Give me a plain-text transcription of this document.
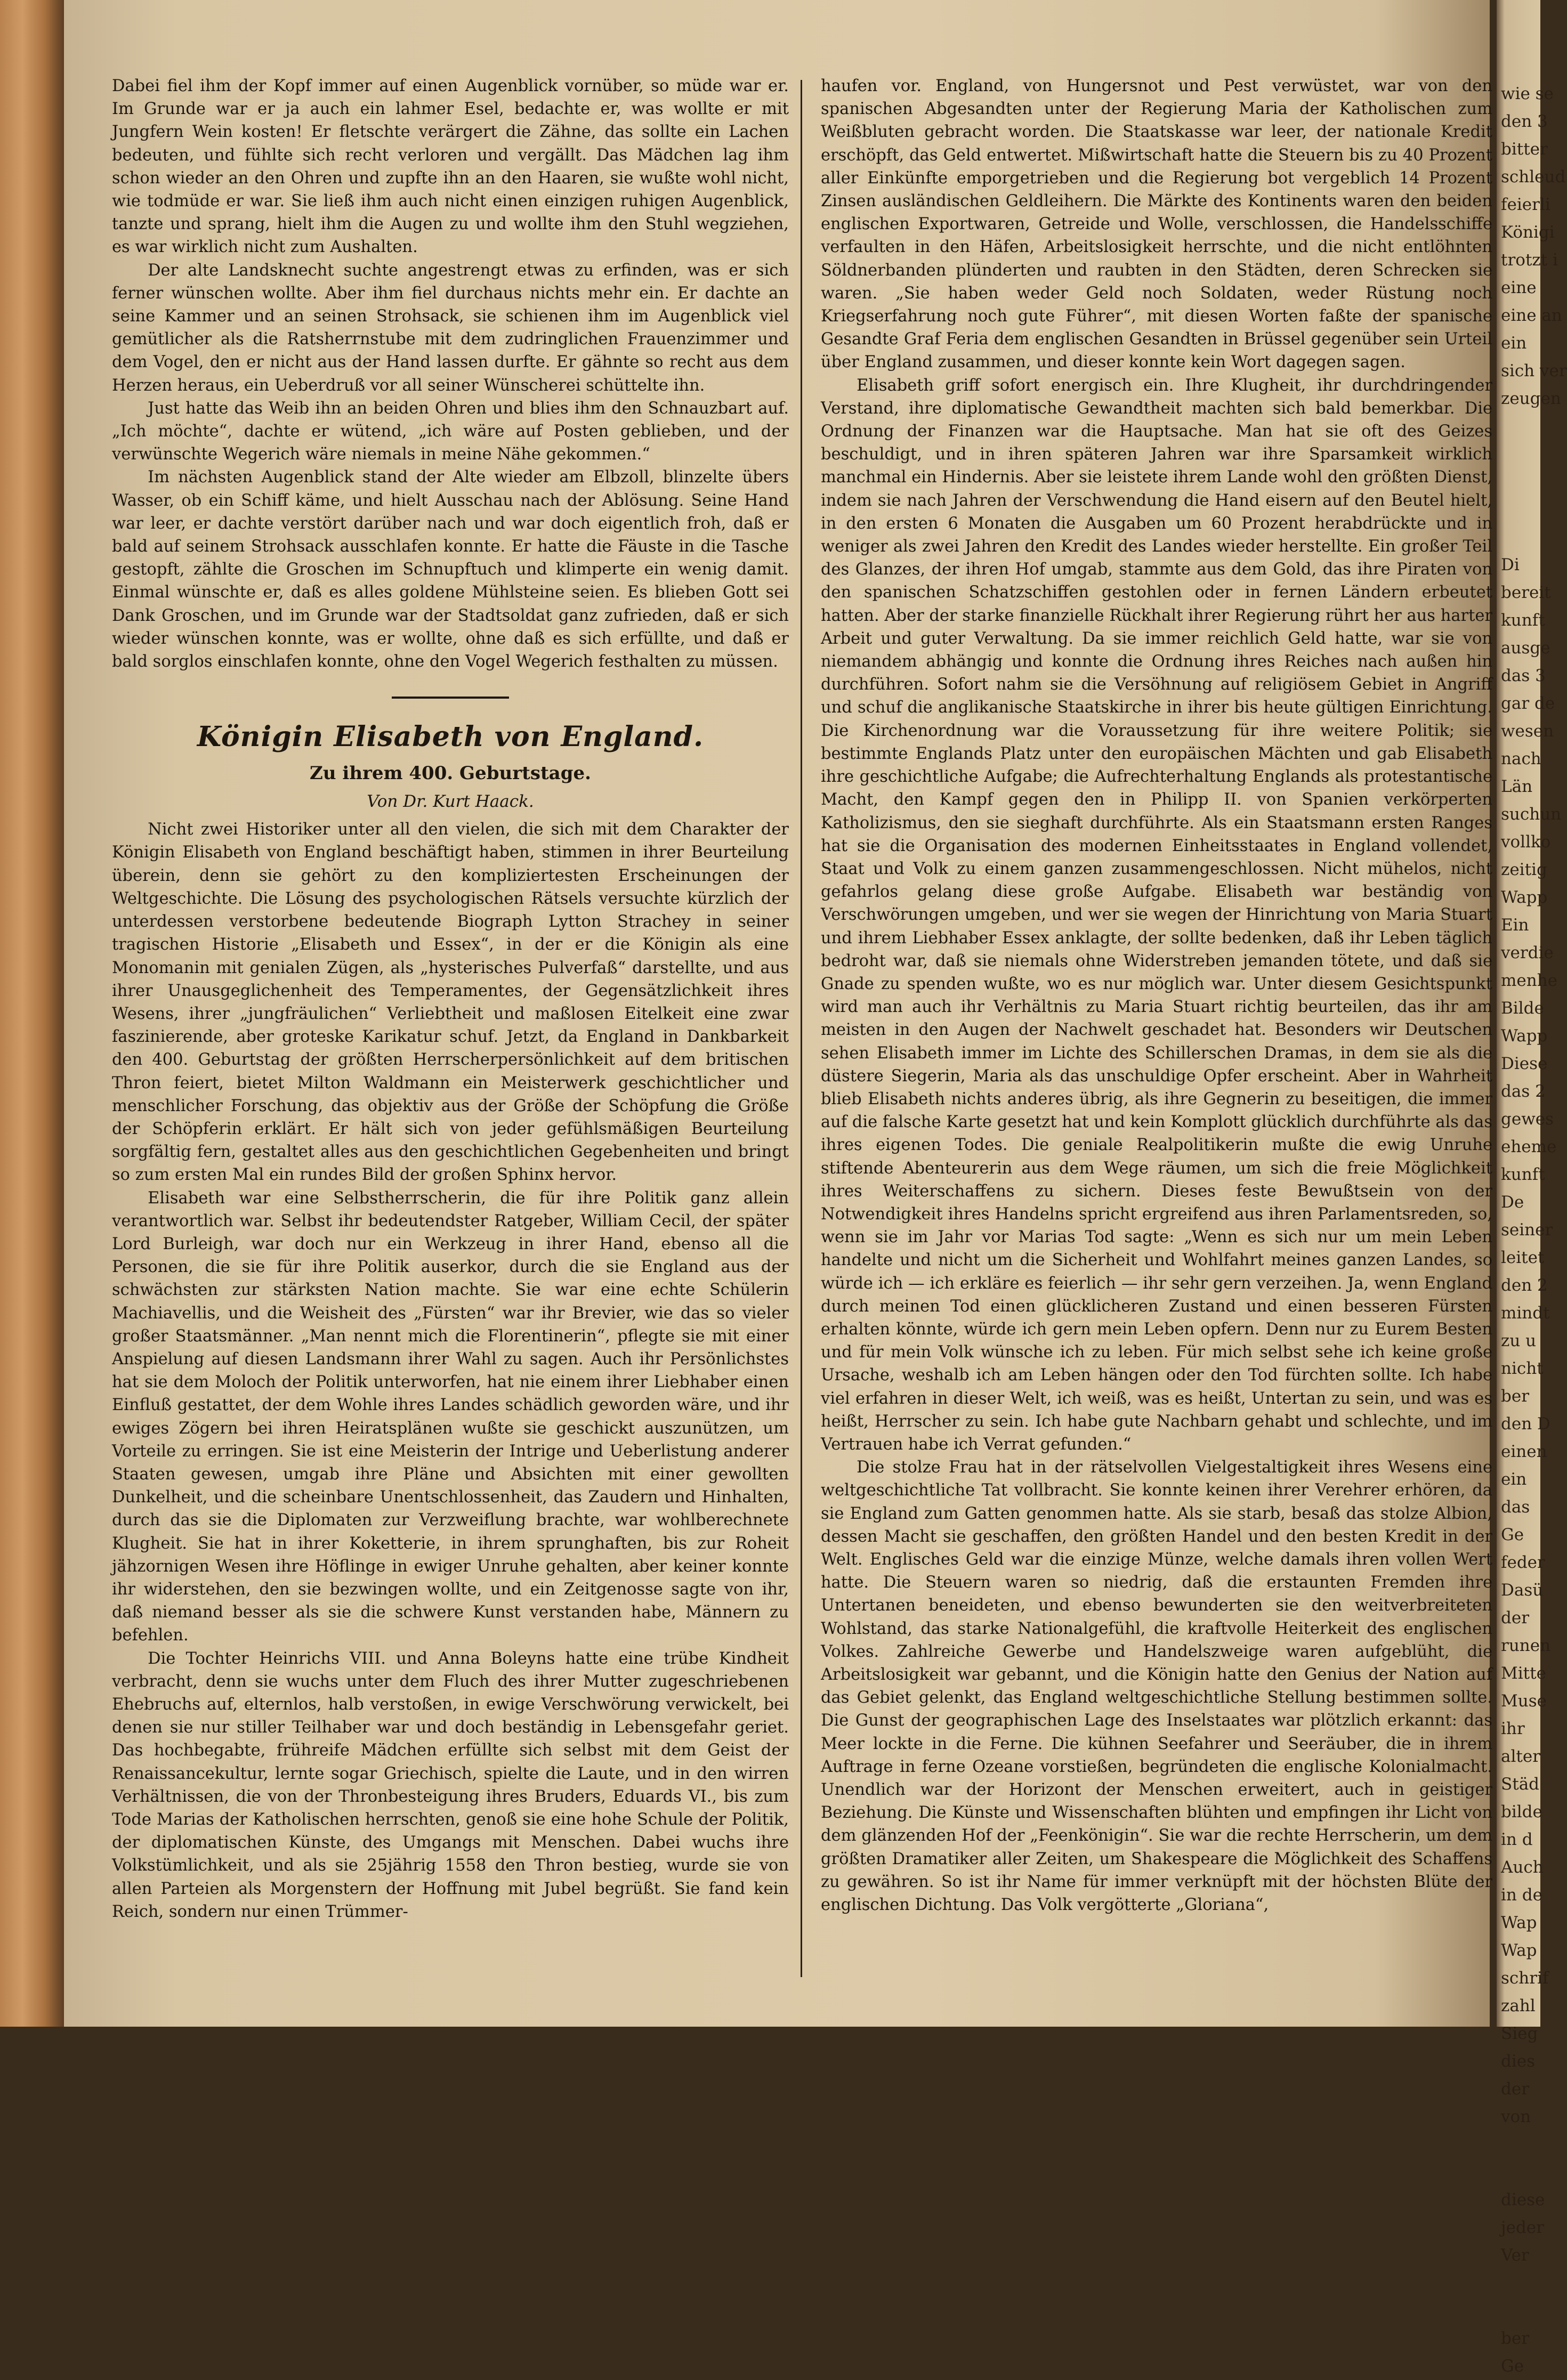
Dabei fiel ihm der Kopf immer auf einen Augenblick vornüber, so müde war er. Im Grunde war er ja auch ein lahmer Esel, bedachte er, was wollte er mit Jungfern Wein kosten! Er fletschte verärgert die Zähne, das sollte ein Lachen bedeuten, und fühlte sich recht verloren und vergällt. Das Mädchen lag ihm schon wieder an den Ohren und zupfte ihn an den Haaren, sie wußte wohl nicht, wie todmüde er war. Sie ließ ihm auch nicht einen einzigen ruhigen Augenblick, tanzte und sprang, hielt ihm die Augen zu und wollte ihm den Stuhl wegziehen, es war wirklich nicht zum Aushalten.

Der alte Landsknecht suchte angestrengt etwas zu erfinden, was er sich ferner wünschen wollte. Aber ihm fiel durchaus nichts mehr ein. Er dachte an seine Kammer und an seinen Strohsack, sie schienen ihm im Augenblick viel gemütlicher als die Ratsherrnstube mit dem zudringlichen Frauenzimmer und dem Vogel, den er nicht aus der Hand lassen durfte. Er gähnte so recht aus dem Herzen heraus, ein Ueberdruß vor all seiner Wünscherei schüttelte ihn.

Just hatte das Weib ihn an beiden Ohren und blies ihm den Schnauzbart auf. „Ich möchte“, dachte er wütend, „ich wäre auf Posten geblieben, und der verwünschte Wegerich wäre niemals in meine Nähe gekommen.“

Im nächsten Augenblick stand der Alte wieder am Elbzoll, blinzelte übers Wasser, ob ein Schiff käme, und hielt Ausschau nach der Ablösung. Seine Hand war leer, er dachte verstört darüber nach und war doch eigentlich froh, daß er bald auf seinem Strohsack ausschlafen konnte. Er hatte die Fäuste in die Tasche gestopft, zählte die Groschen im Schnupftuch und klimperte ein wenig damit. Einmal wünschte er, daß es alles goldene Mühlsteine seien. Es blieben Gott sei Dank Groschen, und im Grunde war der Stadtsoldat ganz zufrieden, daß er sich wieder wünschen konnte, was er wollte, ohne daß es sich erfüllte, und daß er bald sorglos einschlafen konnte, ohne den Vogel Wegerich festhalten zu müssen.

Königin Elisabeth von England.
Zu ihrem 400. Geburtstage.
Von Dr. Kurt Haack.

Nicht zwei Historiker unter all den vielen, die sich mit dem Charakter der Königin Elisabeth von England beschäftigt haben, stimmen in ihrer Beurteilung überein, denn sie gehört zu den kompliziertesten Erscheinungen der Weltgeschichte. Die Lösung des psychologischen Rätsels versuchte kürzlich der unterdessen verstorbene bedeutende Biograph Lytton Strachey in seiner tragischen Historie „Elisabeth und Essex“, in der er die Königin als eine Monomanin mit genialen Zügen, als „hysterisches Pulverfaß“ darstellte, und aus ihrer Unausgeglichenheit des Temperamentes, der Gegensätzlichkeit ihres Wesens, ihrer „jungfräulichen“ Verliebtheit und maßlosen Eitelkeit eine zwar faszinierende, aber groteske Karikatur schuf. Jetzt, da England in Dankbarkeit den 400. Geburtstag der größten Herrscherpersönlichkeit auf dem britischen Thron feiert, bietet Milton Waldmann ein Meisterwerk geschichtlicher und menschlicher Forschung, das objektiv aus der Größe der Schöpfung die Größe der Schöpferin erklärt. Er hält sich von jeder gefühlsmäßigen Beurteilung sorgfältig fern, gestaltet alles aus den geschichtlichen Gegebenheiten und bringt so zum ersten Mal ein rundes Bild der großen Sphinx hervor.

Elisabeth war eine Selbstherrscherin, die für ihre Politik ganz allein verantwortlich war. Selbst ihr bedeutendster Ratgeber, William Cecil, der später Lord Burleigh, war doch nur ein Werkzeug in ihrer Hand, ebenso all die Personen, die sie für ihre Politik auserkor, durch die sie England aus der schwächsten zur stärksten Nation machte. Sie war eine echte Schülerin Machiavellis, und die Weisheit des „Fürsten“ war ihr Brevier, wie das so vieler großer Staatsmänner. „Man nennt mich die Florentinerin“, pflegte sie mit einer Anspielung auf diesen Landsmann ihrer Wahl zu sagen. Auch ihr Persönlichstes hat sie dem Moloch der Politik unterworfen, hat nie einem ihrer Liebhaber einen Einfluß gestattet, der dem Wohle ihres Landes schädlich geworden wäre, und ihr ewiges Zögern bei ihren Heiratsplänen wußte sie geschickt auszunützen, um Vorteile zu erringen. Sie ist eine Meisterin der Intrige und Ueberlistung anderer Staaten gewesen, umgab ihre Pläne und Absichten mit einer gewollten Dunkelheit, und die scheinbare Unentschlossenheit, das Zaudern und Hinhalten, durch das sie die Diplomaten zur Verzweiflung brachte, war wohlberechnete Klugheit. Sie hat in ihrer Koketterie, in ihrem sprunghaften, bis zur Roheit jähzornigen Wesen ihre Höflinge in ewiger Unruhe gehalten, aber keiner konnte ihr widerstehen, den sie bezwingen wollte, und ein Zeitgenosse sagte von ihr, daß niemand besser als sie die schwere Kunst verstanden habe, Männern zu befehlen.

Die Tochter Heinrichs VIII. und Anna Boleyns hatte eine trübe Kindheit verbracht, denn sie wuchs unter dem Fluch des ihrer Mutter zugeschriebenen Ehebruchs auf, elternlos, halb verstoßen, in ewige Verschwörung verwickelt, bei denen sie nur stiller Teilhaber war und doch beständig in Lebensgefahr geriet. Das hochbegabte, frühreife Mädchen erfüllte sich selbst mit dem Geist der Renaissancekultur, lernte sogar Griechisch, spielte die Laute, und in den wirren Verhältnissen, die von der Thronbesteigung ihres Bruders, Eduards VI., bis zum Tode Marias der Katholischen herrschten, genoß sie eine hohe Schule der Politik, der diplomatischen Künste, des Umgangs mit Menschen. Dabei wuchs ihre Volkstümlichkeit, und als sie 25jährig 1558 den Thron bestieg, wurde sie von allen Parteien als Morgenstern der Hoffnung mit Jubel begrüßt. Sie fand kein Reich, sondern nur einen Trümmer-

haufen vor. England, von Hungersnot und Pest verwüstet, war von den spanischen Abgesandten unter der Regierung Maria der Katholischen zum Weißbluten gebracht worden. Die Staatskasse war leer, der nationale Kredit erschöpft, das Geld entwertet. Mißwirtschaft hatte die Steuern bis zu 40 Prozent aller Einkünfte emporgetrieben und die Regierung bot vergeblich 14 Prozent Zinsen ausländischen Geldleihern. Die Märkte des Kontinents waren den beiden englischen Exportwaren, Getreide und Wolle, verschlossen, die Handelsschiffe verfaulten in den Häfen, Arbeitslosigkeit herrschte, und die nicht entlöhnten Söldnerbanden plünderten und raubten in den Städten, deren Schrecken sie waren. „Sie haben weder Geld noch Soldaten, weder Rüstung noch Kriegserfahrung noch gute Führer“, mit diesen Worten faßte der spanische Gesandte Graf Feria dem englischen Gesandten in Brüssel gegenüber sein Urteil über England zusammen, und dieser konnte kein Wort dagegen sagen.

Elisabeth griff sofort energisch ein. Ihre Klugheit, ihr durchdringender Verstand, ihre diplomatische Gewandtheit machten sich bald bemerkbar. Die Ordnung der Finanzen war die Hauptsache. Man hat sie oft des Geizes beschuldigt, und in ihren späteren Jahren war ihre Sparsamkeit wirklich manchmal ein Hindernis. Aber sie leistete ihrem Lande wohl den größten Dienst, indem sie nach Jahren der Verschwendung die Hand eisern auf den Beutel hielt, in den ersten 6 Monaten die Ausgaben um 60 Prozent herabdrückte und in weniger als zwei Jahren den Kredit des Landes wieder herstellte. Ein großer Teil des Glanzes, der ihren Hof umgab, stammte aus dem Gold, das ihre Piraten von den spanischen Schatzschiffen gestohlen oder in fernen Ländern erbeutet hatten. Aber der starke finanzielle Rückhalt ihrer Regierung rührt her aus harter Arbeit und guter Verwaltung. Da sie immer reichlich Geld hatte, war sie von niemandem abhängig und konnte die Ordnung ihres Reiches nach außen hin durchführen. Sofort nahm sie die Versöhnung auf religiösem Gebiet in Angriff und schuf die anglikanische Staatskirche in ihrer bis heute gültigen Einrichtung. Die Kirchenordnung war die Voraussetzung für ihre weitere Politik; sie bestimmte Englands Platz unter den europäischen Mächten und gab Elisabeth ihre geschichtliche Aufgabe; die Aufrechterhaltung Englands als protestantische Macht, den Kampf gegen den in Philipp II. von Spanien verkörperten Katholizismus, den sie sieghaft durchführte. Als ein Staatsmann ersten Ranges hat sie die Organisation des modernen Einheitsstaates in England vollendet, Staat und Volk zu einem ganzen zusammengeschlossen. Nicht mühelos, nicht gefahrlos gelang diese große Aufgabe. Elisabeth war beständig von Verschwörungen umgeben, und wer sie wegen der Hinrichtung von Maria Stuart und ihrem Liebhaber Essex anklagte, der sollte bedenken, daß ihr Leben täglich bedroht war, daß sie niemals ohne Widerstreben jemanden tötete, und daß sie Gnade zu spenden wußte, wo es nur möglich war. Unter diesem Gesichtspunkt wird man auch ihr Verhältnis zu Maria Stuart richtig beurteilen, das ihr am meisten in den Augen der Nachwelt geschadet hat. Besonders wir Deutschen sehen Elisabeth immer im Lichte des Schillerschen Dramas, in dem sie als die düstere Siegerin, Maria als das unschuldige Opfer erscheint. Aber in Wahrheit blieb Elisabeth nichts anderes übrig, als ihre Gegnerin zu beseitigen, die immer auf die falsche Karte gesetzt hat und kein Komplott glücklich durchführte als das ihres eigenen Todes. Die geniale Realpolitikerin mußte die ewig Unruhe stiftende Abenteurerin aus dem Wege räumen, um sich die freie Möglichkeit ihres Weiterschaffens zu sichern. Dieses feste Bewußtsein von der Notwendigkeit ihres Handelns spricht ergreifend aus ihren Parlamentsreden, so, wenn sie im Jahr vor Marias Tod sagte: „Wenn es sich nur um mein Leben handelte und nicht um die Sicherheit und Wohlfahrt meines ganzen Landes, so würde ich — ich erkläre es feierlich — ihr sehr gern verzeihen. Ja, wenn England durch meinen Tod einen glücklicheren Zustand und einen besseren Fürsten erhalten könnte, würde ich gern mein Leben opfern. Denn nur zu Eurem Besten und für mein Volk wünsche ich zu leben. Für mich selbst sehe ich keine große Ursache, weshalb ich am Leben hängen oder den Tod fürchten sollte. Ich habe viel erfahren in dieser Welt, ich weiß, was es heißt, Untertan zu sein, und was es heißt, Herrscher zu sein. Ich habe gute Nachbarn gehabt und schlechte, und im Vertrauen habe ich Verrat gefunden.“

Die stolze Frau hat in der rätselvollen Vielgestaltigkeit ihres Wesens eine weltgeschichtliche Tat vollbracht. Sie konnte keinen ihrer Verehrer erhören, da sie England zum Gatten genommen hatte. Als sie starb, besaß das stolze Albion, dessen Macht sie geschaffen, den größten Handel und den besten Kredit in der Welt. Englisches Geld war die einzige Münze, welche damals ihren vollen Wert hatte. Die Steuern waren so niedrig, daß die erstaunten Fremden ihre Untertanen beneideten, und ebenso bewunderten sie den weitverbreiteten Wohlstand, das starke Nationalgefühl, die kraftvolle Heiterkeit des englischen Volkes. Zahlreiche Gewerbe und Handelszweige waren aufgeblüht, die Arbeitslosigkeit war gebannt, und die Königin hatte den Genius der Nation auf das Gebiet gelenkt, das England weltgeschichtliche Stellung bestimmen sollte. Die Gunst der geographischen Lage des Inselstaates war plötzlich erkannt: das Meer lockte in die Ferne. Die kühnen Seefahrer und Seeräuber, die in ihrem Auftrage in ferne Ozeane vorstießen, begründeten die englische Kolonialmacht. Unendlich war der Horizont der Menschen erweitert, auch in geistiger Beziehung. Die Künste und Wissenschaften blühten und empfingen ihr Licht von dem glänzenden Hof der „Feenkönigin“. Sie war die rechte Herrscherin, um dem größten Dramatiker aller Zeiten, um Shakespeare die Möglichkeit des Schaffens zu gewähren. So ist ihr Name für immer verknüpft mit der höchsten Blüte der englischen Dichtung. Das Volk vergötterte „Gloriana“,

wie se
den 3
bitter
schleud
feierli
Königi
trotzt i
eine
eine an
ein
sich ver
zeugen

Di
bereit
kunft
ausge
das 3
gar de
wesen
nach
Län
suchun
vollko
zeitig
Wapp
Ein
verdie
menhe
Bilde
Wapp
Diese
das 2
gewes
eheme
kunft
De
seiner
leitet
den 2
mindt
zu u
nicht
ber
den D
einen
ein
das
Ge
feder
Dasü
der
runen
Mitte
Muse
ihr
alter
Städ
bilde
in d
Auch
in de
Wap
Wap
schrif
zahl
Sieg
dies
der
von

diese
jeder
Ver

ber
Ge
